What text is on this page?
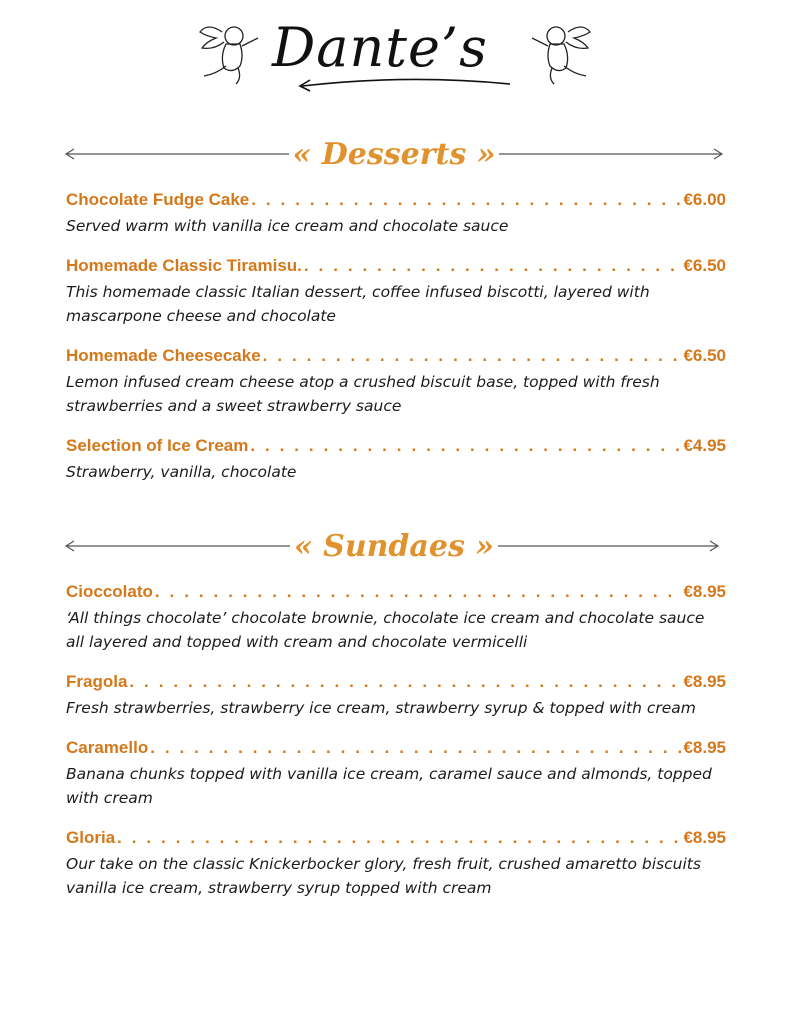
Dante’s
« Desserts »
Chocolate Fudge Cake . . .	€6.00
Served warm with vanilla ice cream and chocolate sauce
Homemade Classic Tiramisu. . . .	€6.50
This homemade classic Italian dessert, coffee infused biscotti, layered with mascarpone cheese and chocolate
Homemade Cheesecake . . .	€6.50
Lemon infused cream cheese atop a crushed biscuit base, topped with fresh strawberries and a sweet strawberry sauce
Selection of Ice Cream . . .	€4.95
Strawberry, vanilla, chocolate
« Sundaes »
Cioccolato . . .	€8.95
‘All things chocolate’ chocolate brownie, chocolate ice cream and chocolate sauce all layered and topped with cream and chocolate vermicelli
Fragola . . .	€8.95
Fresh strawberries, strawberry ice cream, strawberry syrup & topped with cream
Caramello . . .	€8.95
Banana chunks topped with vanilla ice cream, caramel sauce and almonds, topped with cream
Gloria . . .	€8.95
Our take on the classic Knickerbocker glory, fresh fruit, crushed amaretto biscuits vanilla ice cream, strawberry syrup topped with cream
